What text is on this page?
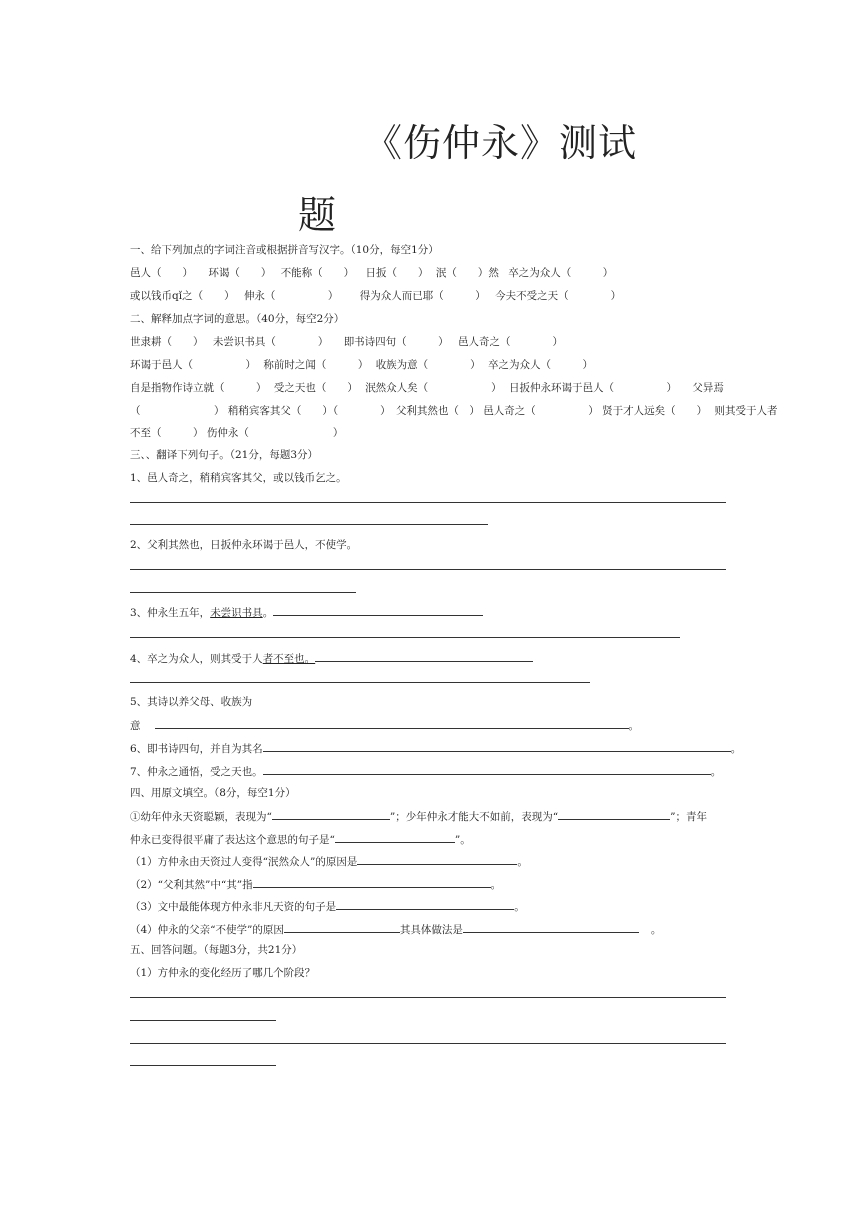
《伤仲永》测试
题
一、给下列加点的字词注音或根据拼音写汉字。（10分，每空1分）
邑人（　　） 环谒（　　） 不能称（　　） 日扳（　　） 泯（　　）然 卒之为众人（　　　）
或以钱币qǐ之（　　） 伸永（　　　　　） 得为众人而已耶（　　　） 今夫不受之天（　　　　）
二、解释加点字词的意思。（40分，每空2分）
世隶耕（　　） 未尝识书具（　　　　） 即书诗四句（　　　） 邑人奇之（　　　　）
环谒于邑人（　　　　　） 称前时之闻（　　　） 收族为意（　　　　） 卒之为众人（　　　）
自是指物作诗立就（　　　） 受之天也（　　） 泯然众人矣（　　　　　　） 日扳仲永环谒于邑人（　　　　　） 父异焉
（　　　　　　　） 稍稍宾客其父（　　）（　　　　） 父利其然也（　） 邑人奇之（　　　　　） 贤于才人远矣（　　） 则其受于人者
不至（　　　） 伤仲永（　　　　　　　　）
三、、翻译下列句子。（21分，每题3分）
1、邑人奇之，稍稍宾客其父，或以钱币乞之。
2、父利其然也，日扳仲永环谒于邑人，不使学。
3、仲永生五年，未尝识书具。
4、卒之为众人，则其受于人者不至也。
5、其诗以养父母、收族为
意	。
6、即书诗四句，并自为其名	。
7、仲永之通悟，受之天也。	。
四、用原文填空。（8分，每空1分）
①幼年仲永天资聪颖，表现为“	”；少年仲永才能大不如前，表现为“	”；青年
仲永已变得很平庸了表达这个意思的句子是“	”。
（1）方仲永由天资过人变得“泯然众人”的原因是	。
（2）“父利其然”中“其”指	。
（3）文中最能体现方仲永非凡天资的句子是	。
（4）仲永的父亲“不使学”的原因	其具体做法是	。
五、回答问题。（每题3分，共21分）
（1）方仲永的变化经历了哪几个阶段？
